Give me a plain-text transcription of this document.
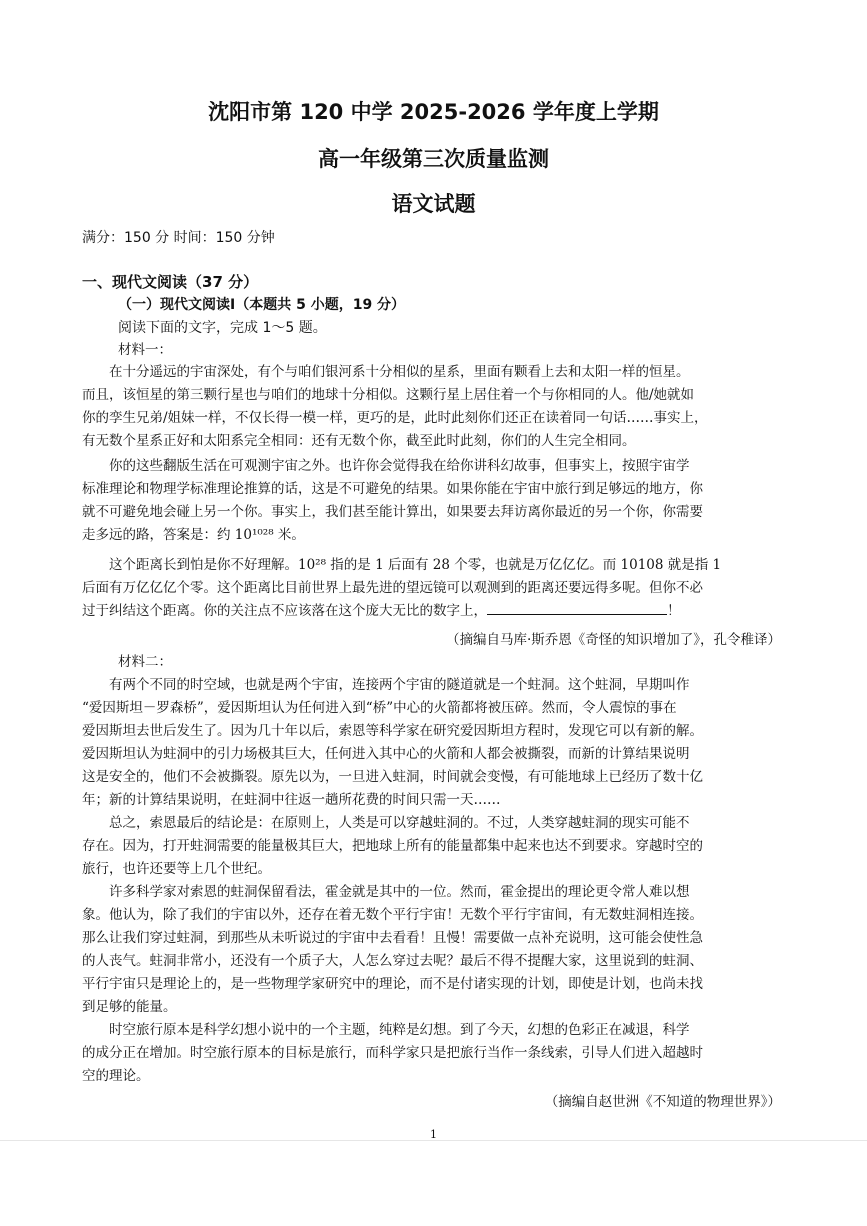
沈阳市第 120 中学 2025-2026 学年度上学期
高一年级第三次质量监测
语文试题
满分：150 分 时间：150 分钟
一、现代文阅读（37 分）
（一）现代文阅读Ⅰ（本题共 5 小题，19 分）
阅读下面的文字，完成 1～5 题。
材料一：
在十分遥远的宇宙深处，有个与咱们银河系十分相似的星系，里面有颗看上去和太阳一样的恒星。
而且，该恒星的第三颗行星也与咱们的地球十分相似。这颗行星上居住着一个与你相同的人。他/她就如
你的孪生兄弟/姐妹一样，不仅长得一模一样，更巧的是，此时此刻你们还正在读着同一句话……事实上，
有无数个星系正好和太阳系完全相同：还有无数个你，截至此时此刻，你们的人生完全相同。
你的这些翻版生活在可观测宇宙之外。也许你会觉得我在给你讲科幻故事，但事实上，按照宇宙学
标准理论和物理学标准理论推算的话，这是不可避免的结果。如果你能在宇宙中旅行到足够远的地方，你
就不可避免地会碰上另一个你。事实上，我们甚至能计算出，如果要去拜访离你最近的另一个你，你需要
走多远的路，答案是：约 10¹⁰²⁸ 米。
这个距离长到怕是你不好理解。10²⁸ 指的是 1 后面有 28 个零，也就是万亿亿亿。而 10108 就是指 1
后面有万亿亿亿个零。这个距离比目前世界上最先进的望远镜可以观测到的距离还要远得多呢。但你不必
过于纠结这个距离。你的关注点不应该落在这个庞大无比的数字上，	！
（摘编自马库·斯乔恩《奇怪的知识增加了》，孔令稚译）
材料二：
有两个不同的时空域，也就是两个宇宙，连接两个宇宙的隧道就是一个蛀洞。这个蛀洞，早期叫作
“爱因斯坦－罗森桥”，爱因斯坦认为任何进入到“桥”中心的火箭都将被压碎。然而，令人震惊的事在
爱因斯坦去世后发生了。因为几十年以后，索恩等科学家在研究爱因斯坦方程时，发现它可以有新的解。
爱因斯坦认为蛀洞中的引力场极其巨大，任何进入其中心的火箭和人都会被撕裂，而新的计算结果说明
这是安全的，他们不会被撕裂。原先以为，一旦进入蛀洞，时间就会变慢，有可能地球上已经历了数十亿
年；新的计算结果说明，在蛀洞中往返一趟所花费的时间只需一天……
总之，索恩最后的结论是：在原则上，人类是可以穿越蛀洞的。不过，人类穿越蛀洞的现实可能不
存在。因为，打开蛀洞需要的能量极其巨大，把地球上所有的能量都集中起来也达不到要求。穿越时空的
旅行，也许还要等上几个世纪。
许多科学家对索恩的蛀洞保留看法，霍金就是其中的一位。然而，霍金提出的理论更令常人难以想
象。他认为，除了我们的宇宙以外，还存在着无数个平行宇宙！无数个平行宇宙间，有无数蛀洞相连接。
那么让我们穿过蛀洞，到那些从未听说过的宇宙中去看看！且慢！需要做一点补充说明，这可能会使性急
的人丧气。蛀洞非常小，还没有一个质子大，人怎么穿过去呢？最后不得不提醒大家，这里说到的蛀洞、
平行宇宙只是理论上的，是一些物理学家研究中的理论，而不是付诸实现的计划，即使是计划，也尚未找
到足够的能量。
时空旅行原本是科学幻想小说中的一个主题，纯粹是幻想。到了今天，幻想的色彩正在减退，科学
的成分正在增加。时空旅行原本的目标是旅行，而科学家只是把旅行当作一条线索，引导人们进入超越时
空的理论。
（摘编自赵世洲《不知道的物理世界》）
1
